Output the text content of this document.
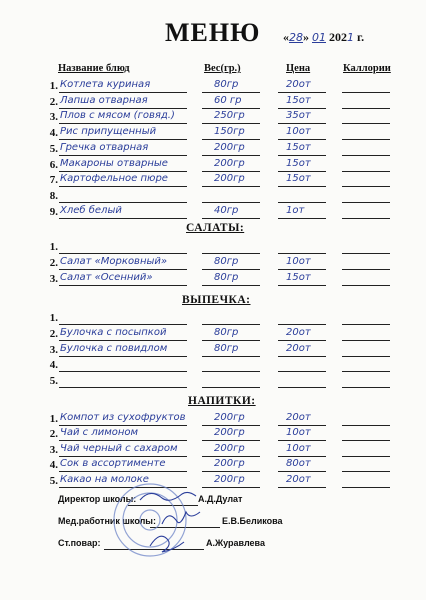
МЕНЮ «28» 01 2021 г.
Название блюд	Вес(гр.)	Цена	Каллории
1. Котлета куриная	80гр	20от
2. Лапша отварная	60 гр	15от
3. Плов с мясом (говяд.)	250гр	35от
4. Рис припущенный	150гр	10от
5. Гречка отварная	200гр	15от
6. Макароны отварные	200гр	15от
7. Картофельное пюре	200гр	15от
8.
9. Хлеб белый	40гр	1от
1.
2. Салат «Морковный»	80гр	10от
3. Салат «Осенний»	80гр	15от
1.
2. Булочка с посыпкой	80гр	20от
3. Булочка с повидлом	80гр	20от
4.
5.
1. Компот из сухофруктов	200гр	20от
2. Чай с лимоном	200гр	10от
3. Чай черный с сахаром	200гр	10от
4. Сок в ассортименте	200гр	80от
5. Какао на молоке	200гр	20от
САЛАТЫ:
ВЫПЕЧКА:
НАПИТКИ:
Директор школы:	А.Д.Дулат
Мед.работник школы:	Е.В.Беликова
Ст.повар:	А.Журавлева
